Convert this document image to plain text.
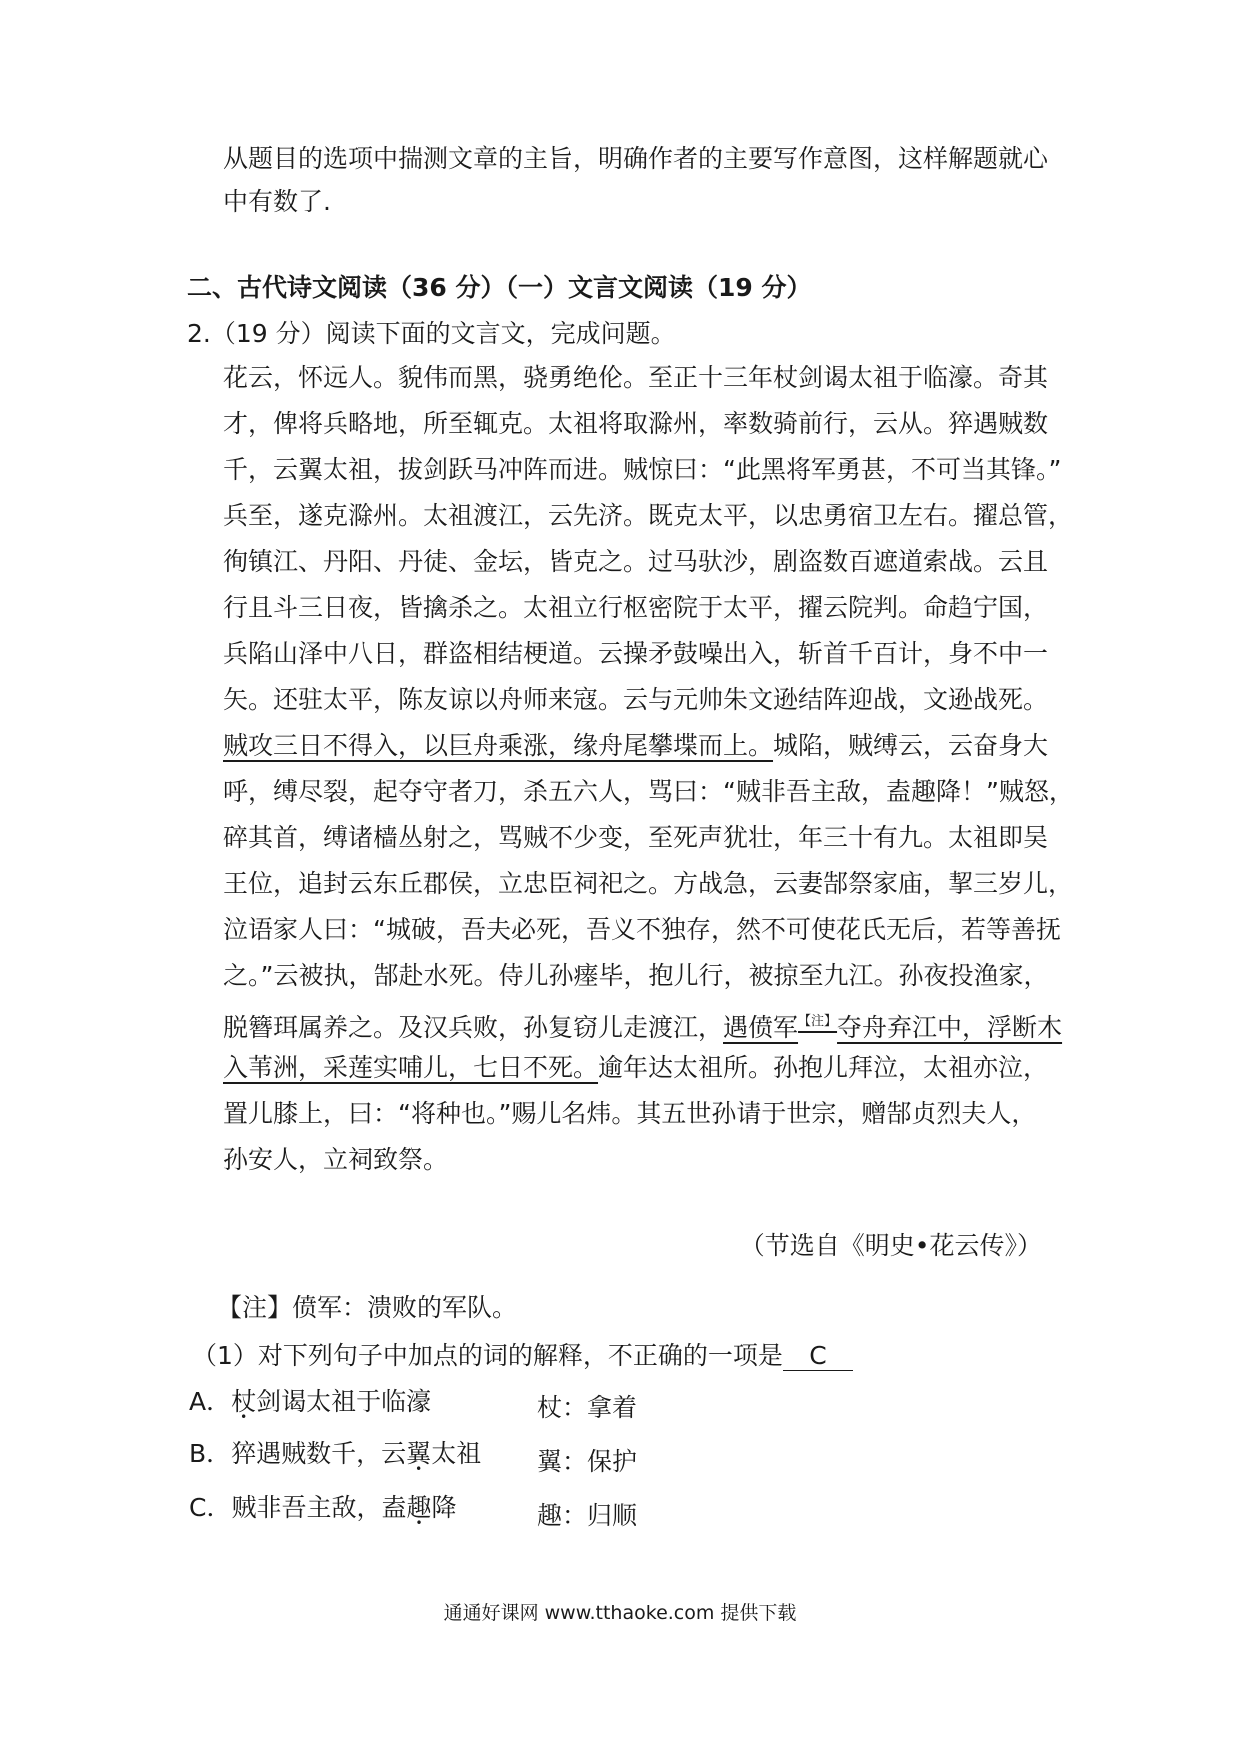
从题目的选项中揣测文章的主旨，明确作者的主要写作意图，这样解题就心
中有数了.
二、古代诗文阅读（36 分）（一）文言文阅读（19 分）
2.（19 分）阅读下面的文言文，完成问题。
花云，怀远人。貌伟而黑，骁勇绝伦。至正十三年杖剑谒太祖于临濠。奇其
才，俾将兵略地，所至辄克。太祖将取滁州，率数骑前行，云从。猝遇贼数
千，云翼太祖，拔剑跃马冲阵而进。贼惊曰：“此黑将军勇甚，不可当其锋。”
兵至，遂克滁州。太祖渡江，云先济。既克太平，以忠勇宿卫左右。擢总管，
徇镇江、丹阳、丹徒、金坛，皆克之。过马驮沙，剧盗数百遮道索战。云且
行且斗三日夜，皆擒杀之。太祖立行枢密院于太平，擢云院判。命趋宁国，
兵陷山泽中八日，群盗相结梗道。云操矛鼓噪出入，斩首千百计，身不中一
矢。还驻太平，陈友谅以舟师来寇。云与元帅朱文逊结阵迎战，文逊战死。
贼攻三日不得入，以巨舟乘涨，缘舟尾攀堞而上。城陷，贼缚云，云奋身大
呼，缚尽裂，起夺守者刀，杀五六人，骂曰：“贼非吾主敌，盍趣降！”贼怒，
碎其首，缚诸樯丛射之，骂贼不少变，至死声犹壮，年三十有九。太祖即吴
王位，追封云东丘郡侯，立忠臣祠祀之。方战急，云妻郜祭家庙，挈三岁儿，
泣语家人曰：“城破，吾夫必死，吾义不独存，然不可使花氏无后，若等善抚
之。”云被执，郜赴水死。侍儿孙瘗毕，抱儿行，被掠至九江。孙夜投渔家，
脱簪珥属养之。及汉兵败，孙复窃儿走渡江，遇偾军$^{【注】}$夺舟弃江中，浮断木
入苇洲，采莲实哺儿，七日不死。逾年达太祖所。孙抱儿拜泣，太祖亦泣，
置儿膝上，曰：“将种也。”赐儿名炜。其五世孙请于世宗，赠郜贞烈夫人，
孙安人，立祠致祭。
（节选自《明史•花云传》）
【注】偾军：溃败的军队。
（1）对下列句子中加点的词的解释，不正确的一项是 C
A．杖剑谒太祖于临濠	杖：拿着
B．猝遇贼数千，云翼太祖 翼：保护
C．贼非吾主敌，盍趣降	趣：归顺
通通好课网 www.tthaoke.com 提供下载
